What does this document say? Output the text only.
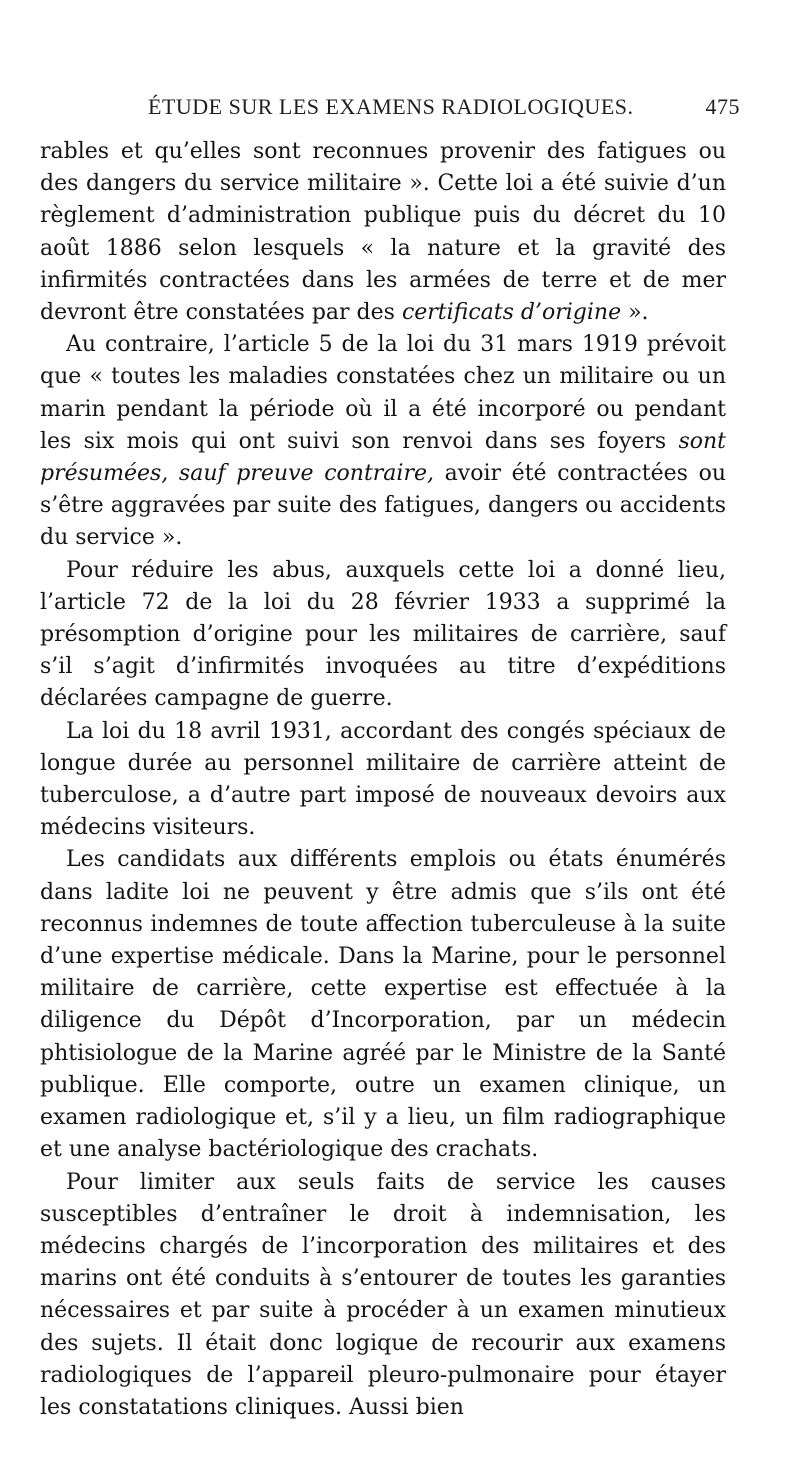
ÉTUDE SUR LES EXAMENS RADIOLOGIQUES.	475

rables et qu’elles sont reconnues provenir des fatigues ou des dangers du service militaire ». Cette loi a été suivie d’un règlement d’administration publique puis du décret du 10 août 1886 selon lesquels « la nature et la gravité des infirmités contractées dans les armées de terre et de mer devront être constatées par des certificats d’origine ».

Au contraire, l’article 5 de la loi du 31 mars 1919 prévoit que « toutes les maladies constatées chez un militaire ou un marin pendant la période où il a été incorporé ou pendant les six mois qui ont suivi son renvoi dans ses foyers sont présumées, sauf preuve contraire, avoir été contractées ou s’être aggravées par suite des fatigues, dangers ou accidents du service ».

Pour réduire les abus, auxquels cette loi a donné lieu, l’article 72 de la loi du 28 février 1933 a supprimé la présomption d’origine pour les militaires de carrière, sauf s’il s’agit d’infirmités invoquées au titre d’expéditions déclarées campagne de guerre.

La loi du 18 avril 1931, accordant des congés spéciaux de longue durée au personnel militaire de carrière atteint de tuberculose, a d’autre part imposé de nouveaux devoirs aux médecins visiteurs.

Les candidats aux différents emplois ou états énumérés dans ladite loi ne peuvent y être admis que s’ils ont été reconnus indemnes de toute affection tuberculeuse à la suite d’une expertise médicale. Dans la Marine, pour le personnel militaire de carrière, cette expertise est effectuée à la diligence du Dépôt d’Incorporation, par un médecin phtisiologue de la Marine agréé par le Ministre de la Santé publique. Elle comporte, outre un examen clinique, un examen radiologique et, s’il y a lieu, un film radiographique et une analyse bactériologique des crachats.

Pour limiter aux seuls faits de service les causes susceptibles d’entraîner le droit à indemnisation, les médecins chargés de l’incorporation des militaires et des marins ont été conduits à s’entourer de toutes les garanties nécessaires et par suite à procéder à un examen minutieux des sujets. Il était donc logique de recourir aux examens radiologiques de l’appareil pleuro-pulmonaire pour étayer les constatations cliniques. Aussi bien
